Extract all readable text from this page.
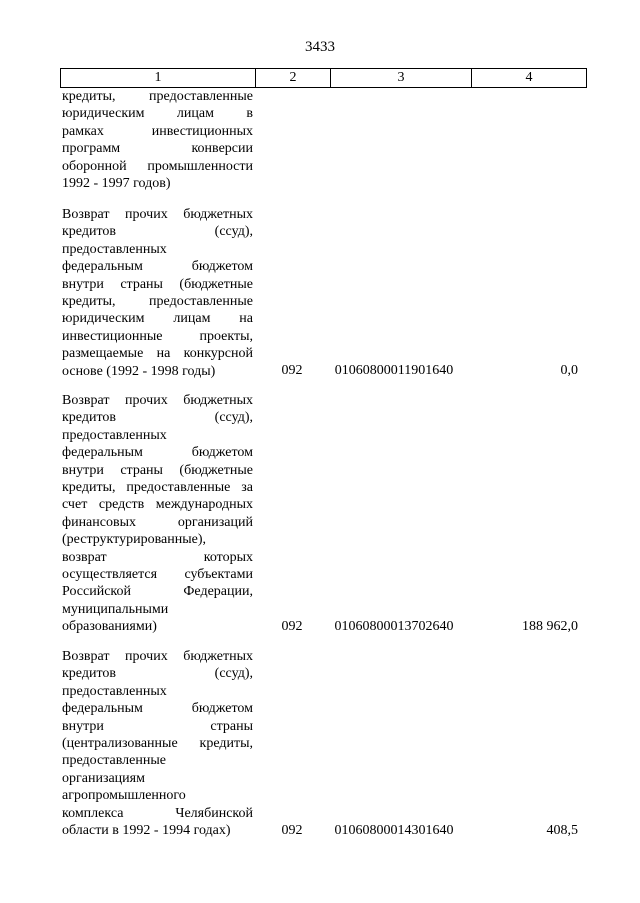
3433
1	2	3	4
кредиты, предоставленные
юридическим лицам в
рамках инвестиционных
программ конверсии
оборонной промышленности
1992 - 1997 годов)
Возврат прочих бюджетных
кредитов (ссуд),
предоставленных
федеральным бюджетом
внутри страны (бюджетные
кредиты, предоставленные
юридическим лицам на
инвестиционные проекты,
размещаемые на конкурсной
основе (1992 - 1998 годы)	092	01060800011901640	0,0
Возврат прочих бюджетных
кредитов (ссуд),
предоставленных
федеральным бюджетом
внутри страны (бюджетные
кредиты, предоставленные за
счет средств международных
финансовых организаций
(реструктурированные),
возврат которых
осуществляется субъектами
Российской Федерации,
муниципальными
образованиями)	092	01060800013702640	188 962,0
Возврат прочих бюджетных
кредитов (ссуд),
предоставленных
федеральным бюджетом
внутри страны
(централизованные кредиты,
предоставленные
организациям
агропромышленного
комплекса Челябинской
области в 1992 - 1994 годах)	092	01060800014301640	408,5
